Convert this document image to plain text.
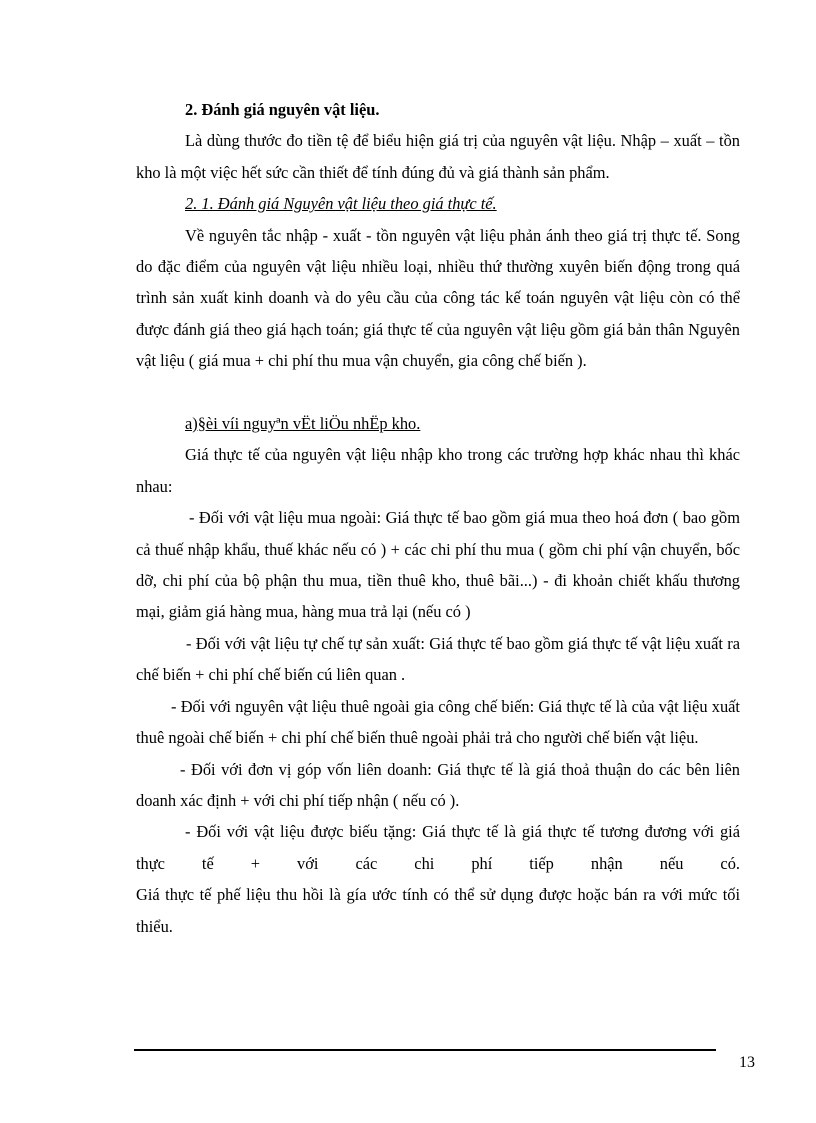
2. Đánh giá nguyên vật liệu.

Là dùng thước đo tiền tệ để biểu hiện giá trị của nguyên vật liệu. Nhập – xuất – tồn kho là một việc hết sức cần thiết để tính đúng đủ và giá thành sản phẩm.

2. 1. Đánh giá Nguyên vật liệu theo giá thực tế.

Về nguyên tắc nhập - xuất - tồn nguyên vật liệu phản ánh theo giá trị thực tế. Song do đặc điểm của nguyên vật liệu nhiều loại, nhiều thứ thường xuyên biến động trong quá trình sản xuất kinh doanh và do yêu cầu của công tác kế toán nguyên vật liệu còn có thể được đánh giá theo giá hạch toán; giá thực tế của nguyên vật liệu gồm giá bản thân Nguyên vật liệu ( giá mua + chi phí thu mua vận chuyển, gia công chế biến ).

a)§èi víi nguyªn vËt liÖu nhËp kho.

Giá thực tế của nguyên vật liệu nhập kho trong các trường hợp khác nhau thì khác nhau:

- Đối với vật liệu mua ngoài: Giá thực tế bao gồm giá mua theo hoá đơn ( bao gồm cả thuế nhập khẩu, thuế khác nếu có ) + các chi phí thu mua ( gồm chi phí vận chuyển, bốc dỡ, chi phí của bộ phận thu mua, tiền thuê kho, thuê bãi...) - đi khoản chiết khấu thương mại, giảm giá hàng mua, hàng mua trả lại (nếu có )

- Đối với vật liệu tự chế tự sản xuất: Giá thực tế bao gồm giá thực tế vật liệu xuất ra chế biến + chi phí chế biến cú liên quan .

- Đối với nguyên vật liệu thuê ngoài gia công chế biến: Giá thực tế là của vật liệu xuất thuê ngoài chế biến + chi phí chế biến thuê ngoài phải trả cho người chế biến vật liệu.

- Đối với đơn vị góp vốn liên doanh: Giá thực tế là giá thoả thuận do các bên liên doanh xác định + với chi phí tiếp nhận ( nếu có ).

- Đối với vật liệu được biếu tặng: Giá thực tế là giá thực tế tương đương với giá thực tế + với các chi phí tiếp nhận nếu có.

Giá thực tế phế liệu thu hồi là gía ước tính có thể sử dụng được hoặc bán ra với mức tối thiểu.

13
